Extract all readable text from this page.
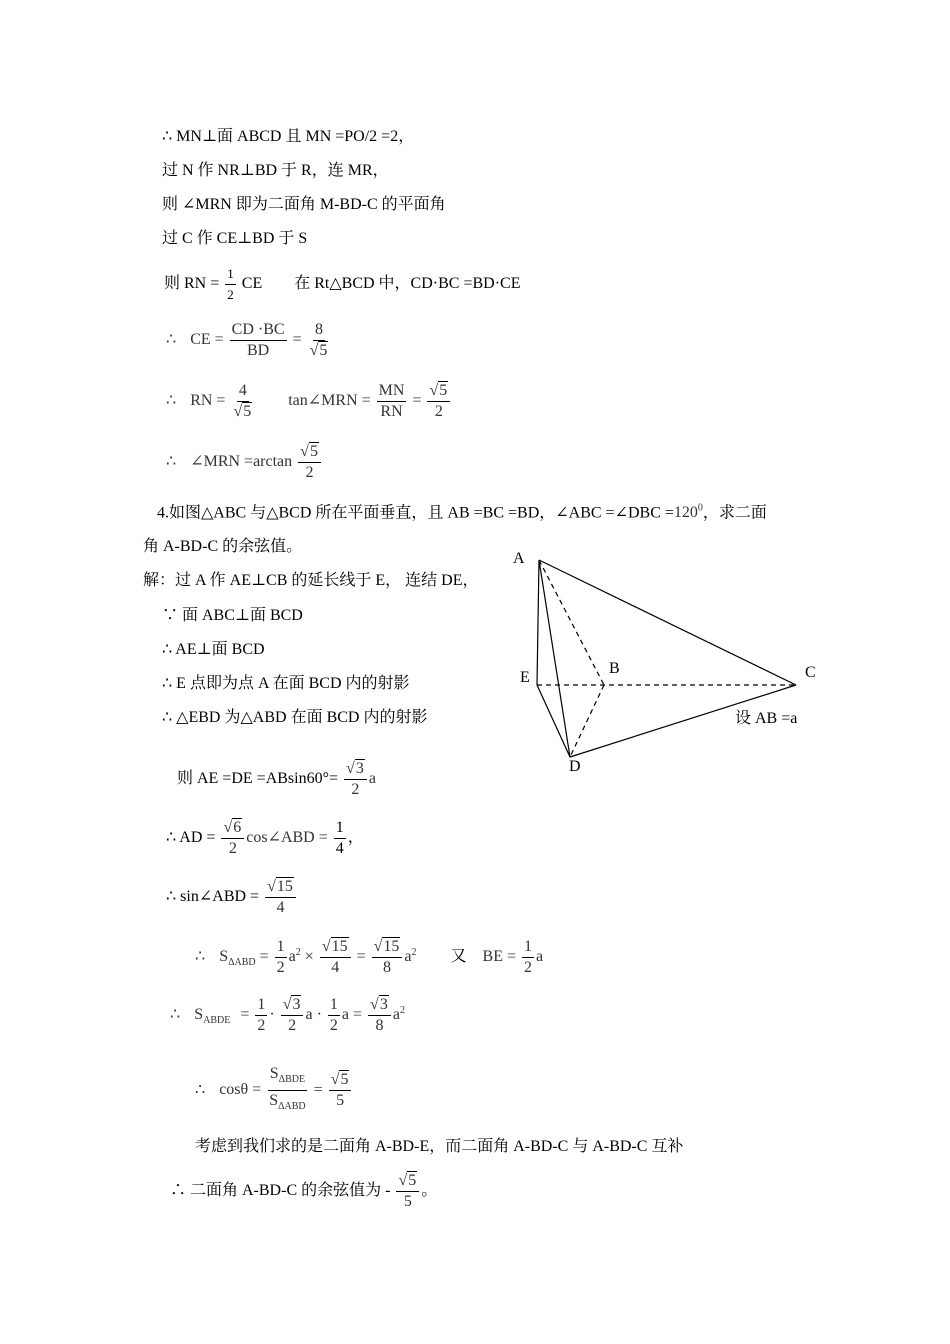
∴ MN⊥面 ABCD 且 MN =PO/2 =2，
过 N 作 NR⊥BD 于 R，连 MR，
则 ∠MRN 即为二面角 M-BD-C 的平面角
过 C 作 CE⊥BD 于 S
则 RN = $\frac{1}{2}$ CE 在 Rt△BCD 中，CD·BC =BD·CE
∴ CE = $\frac{CD \cdot BC}{BD} = \frac{8}{√5}$
∴ RN = $\frac{4}{√5}$ tan∠MRN = $\frac{MN}{RN} = \frac{√5}{2}$
∴ ∠MRN $=\arctan \frac{√5}{2}$
4.如图△ABC 与△BCD 所在平面垂直，且 AB =BC =BD，∠ABC =∠DBC $=120^0$，求二面
角 A-BD-C 的余弦值。
解：过 A 作 AE⊥CB 的延长线于 E， 连结 DE，
∵ 面 ABC⊥面 BCD
∴ AE⊥面 BCD
∴ E 点即为点 A 在面 BCD 内的射影
∴ △EBD 为△ABD 在面 BCD 内的射影
A
B	C
D
E
设 AB =a
则 AE $=DE =ABsin60^\circ= \frac{√3}{2}$ a
∴ AD = $\frac{√6}{2}$ cos∠ABD = $\frac{1}{4}$ ，
∴ sin∠ABD = $\frac{√15}{4}$
∴ $S_{\Delta ABD} = \frac{1}{2} a^2 \times \frac{√15}{4} = \frac{√15}{8} a^2$ 又 BE = $\frac{1}{2}$ a
∴ $S_{ABDE} = \frac{1}{2} \cdot \frac{√3}{2}$ $a \cdot \frac{1}{2}$ $a = \frac{√3}{8} a^2$
∴ $\cos\theta = \frac{S_{\Delta BDE}}{S_{\Delta ABD}} = \frac{√5}{5}$
考虑到我们求的是二面角 A-BD-E，而二面角 A-BD-C 与 A-BD-C 互补
∴ 二面角 A-BD-C 的余弦值为 - $\frac{√5}{5}$ 。
